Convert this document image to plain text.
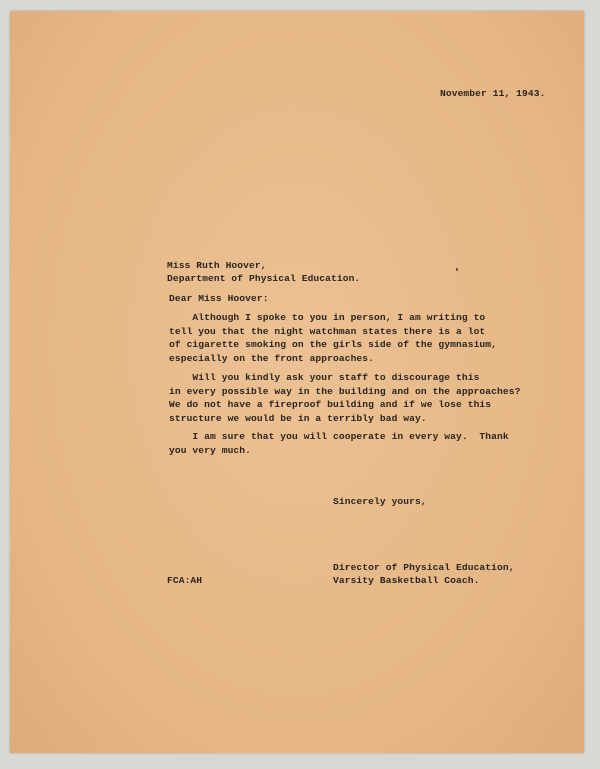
November 11, 1943.

Miss Ruth Hoover,

Department of Physical Education.

Dear Miss Hoover:

Although I spoke to you in person, I am writing to
tell you that the night watchman states there is a lot
of cigarette smoking on the girls side of the gymnasium,
especially on the front approaches.
Will you kindly ask your staff to discourage this
in every possible way in the building and on the approaches?
We do not have a fireproof building and if we lose this
structure we would be in a terribly bad way.
I am sure that you will cooperate in every way.  Thank
you very much.

Sincerely yours,

Director of Physical Education,

Varsity Basketball Coach.

FCA:AH
